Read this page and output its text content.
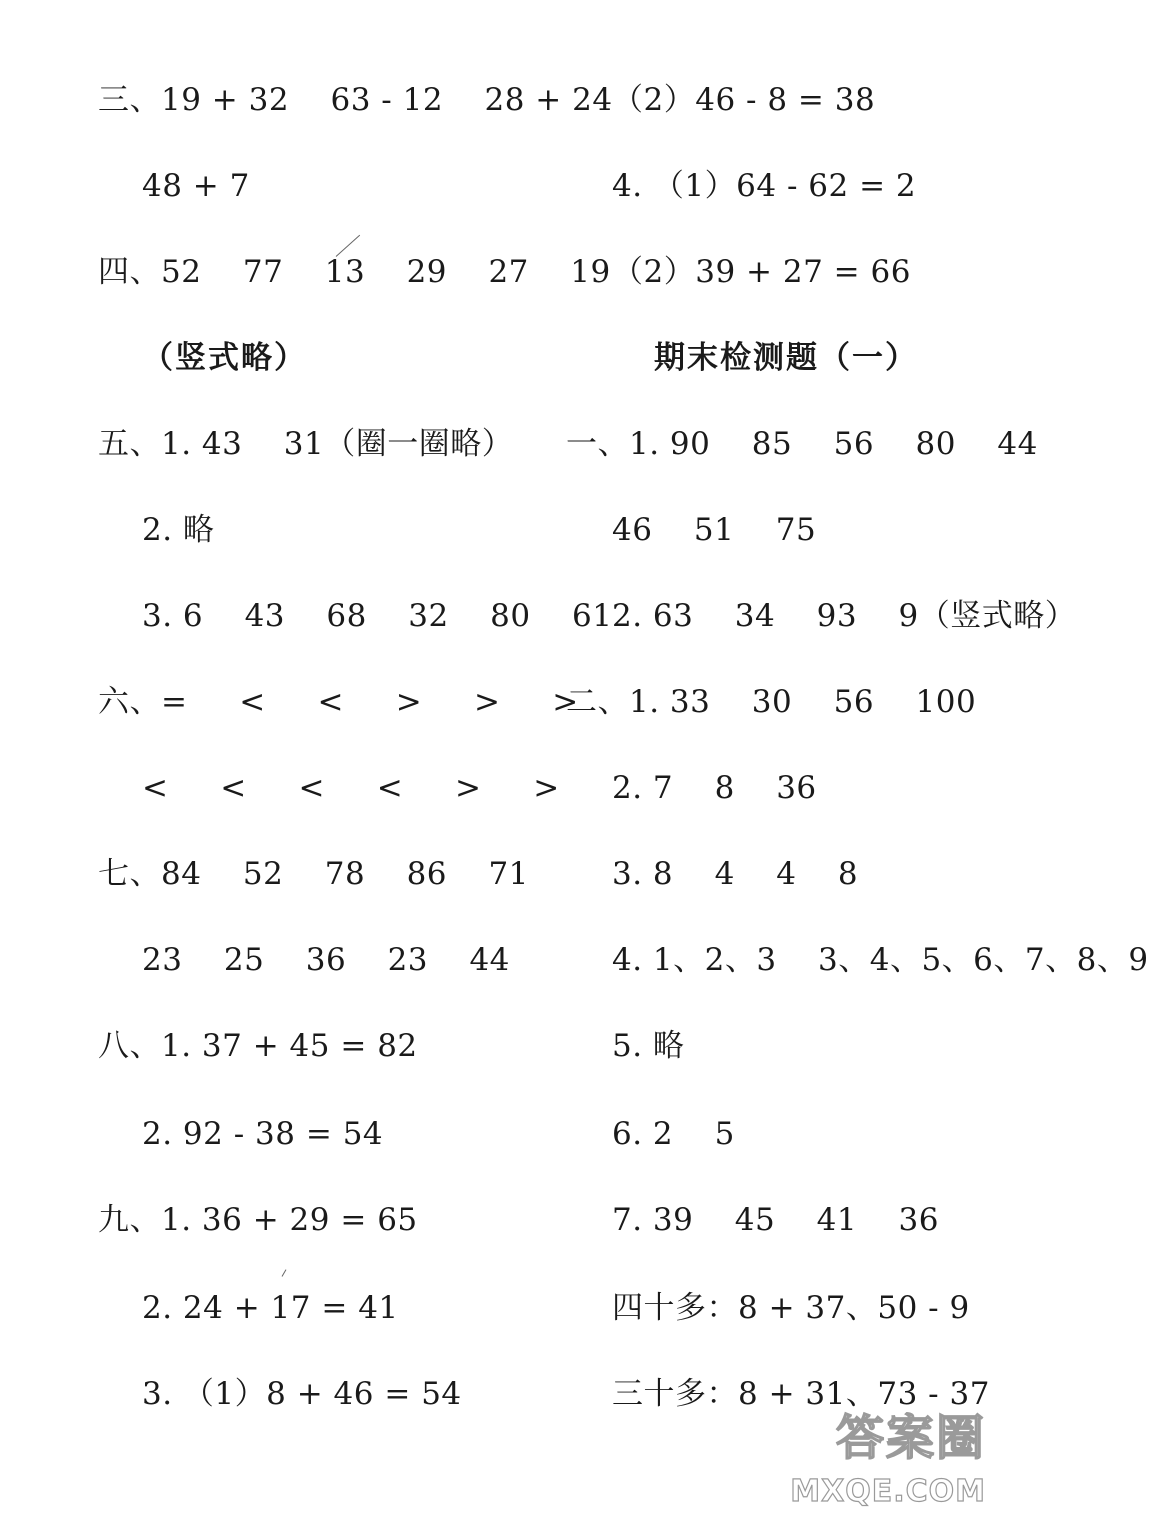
三、19 + 32    63 - 12    28 + 24
48 + 7
四、52    77    13    29    27    19
（竖式略）
五、1. 43    31（圈一圈略）
2. 略
3. 6    43    68    32    80    61
六、=     <     <     >     >     >
<     <     <     <     >     >
七、84    52    78    86    71
23    25    36    23    44
八、1. 37 + 45 = 82
2. 92 - 38 = 54
九、1. 36 + 29 = 65
2. 24 + 17 = 41
3. （1）8 + 46 = 54
（2）46 - 8 = 38
4. （1）64 - 62 = 2
（2）39 + 27 = 66
期末检测题（一）
一、1. 90    85    56    80    44
46    51    75
2. 63    34    93    9（竖式略）
二、1. 33    30    56    100
2. 7    8    36
3. 8    4    4    8
4. 1、2、3    3、4、5、6、7、8、9
5. 略
6. 2    5
7. 39    45    41    36
四十多：8 + 37、50 - 9
三十多：8 + 31、73 - 37
答案圈
MXQE.COM
